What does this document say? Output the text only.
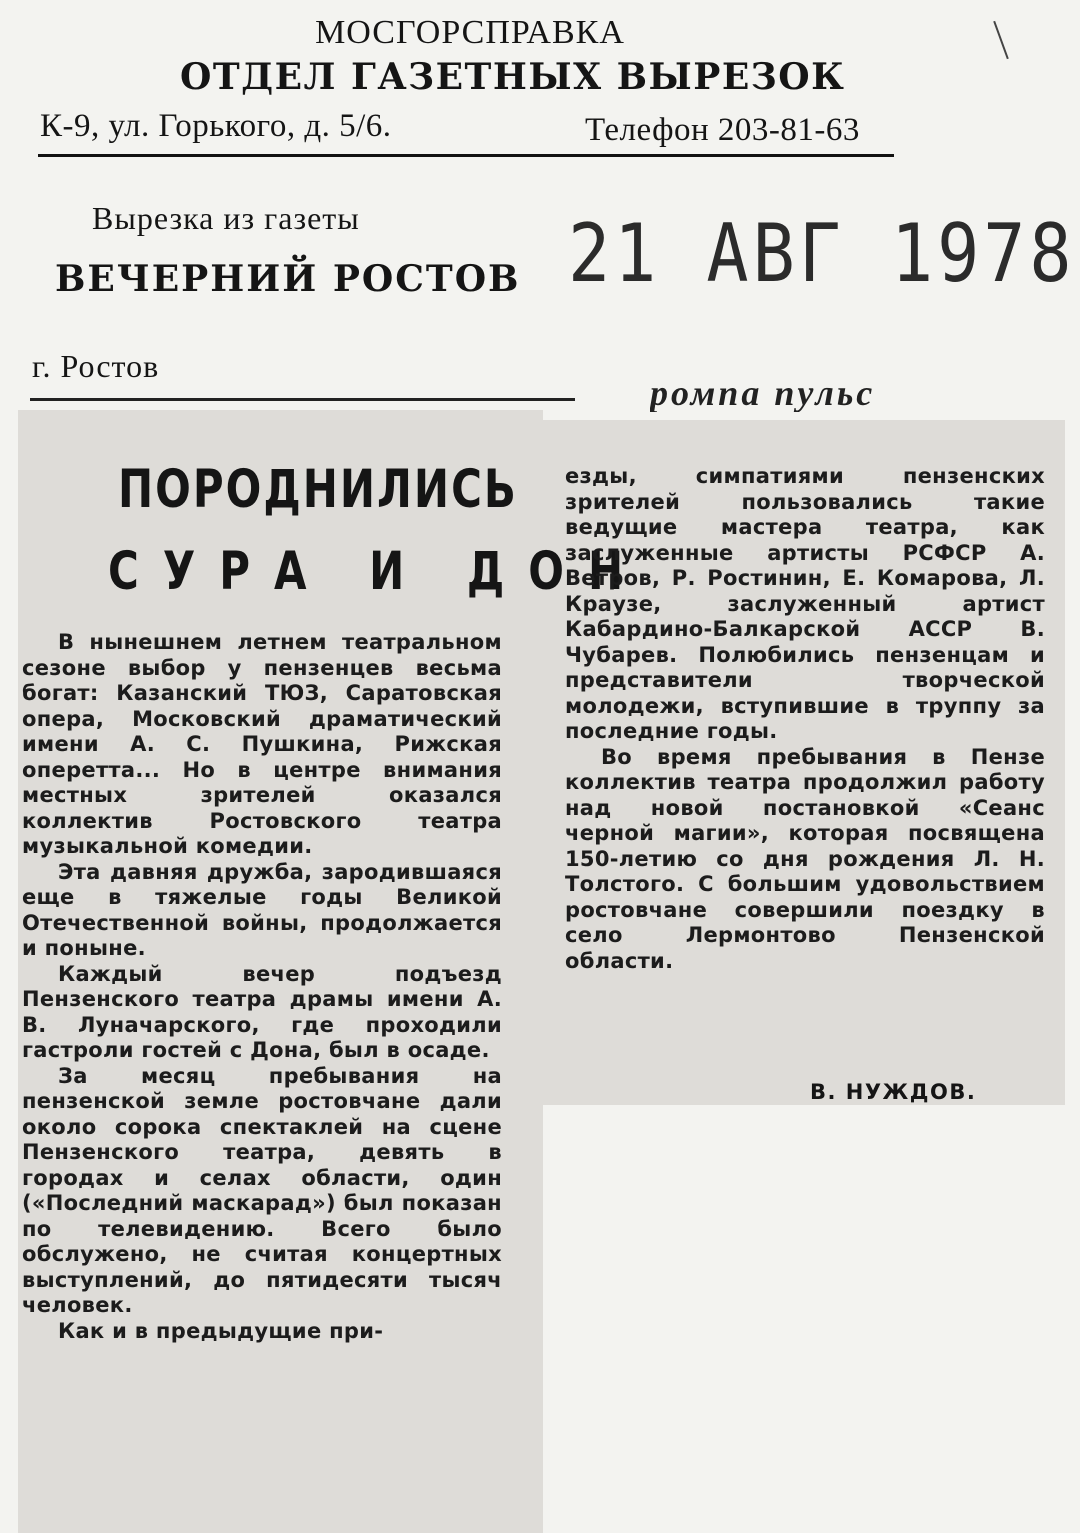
МОСГОРСПРАВКА
ОТДЕЛ ГАЗЕТНЫХ ВЫРЕЗОК
К-9, ул. Горького, д. 5/6.	Телефон 203-81-63
Вырезка из газеты
ВЕЧЕРНИЙ РОСТОВ 21 АВГ 1978
г. Ростов
ромпа пульс
ПОРОДНИЛИСЬ
СУРА И ДОН

В нынешнем летнем театральном сезоне выбор у пензенцев весьма богат: Казанский ТЮЗ, Саратовская опера, Московский драматический имени А. С. Пушкина, Рижская оперетта... Но в центре внимания местных зрителей оказался коллектив Ростовского театра музыкальной комедии.

Эта давняя дружба, зародившаяся еще в тяжелые годы Великой Отечественной войны, продолжается и поныне.

Каждый вечер подъезд Пензенского театра драмы имени А. В. Луначарского, где проходили гастроли гостей с Дона, был в осаде.

За месяц пребывания на пензенской земле ростовчане дали около сорока спектаклей на сцене Пензенского театра, девять в городах и селах области, один («Последний маскарад») был показан по телевидению. Всего было обслужено, не считая концертных выступлений, до пятидесяти тысяч человек.

Как и в предыдущие при-

езды, симпатиями пензенских зрителей пользовались такие ведущие мастера театра, как заслуженные артисты РСФСР А. Ветров, Р. Ростинин, Е. Комарова, Л. Краузе, заслуженный артист Кабардино-Балкарской АССР В. Чубарев. Полюбились пензенцам и представители творческой молодежи, вступившие в труппу за последние годы.

Во время пребывания в Пензе коллектив театра продолжил работу над новой постановкой «Сеанс черной магии», которая посвящена 150-летию со дня рождения Л. Н. Толстого. С большим удовольствием ростовчане совершили поездку в село Лермонтово Пензенской области.

В. НУЖДОВ.
